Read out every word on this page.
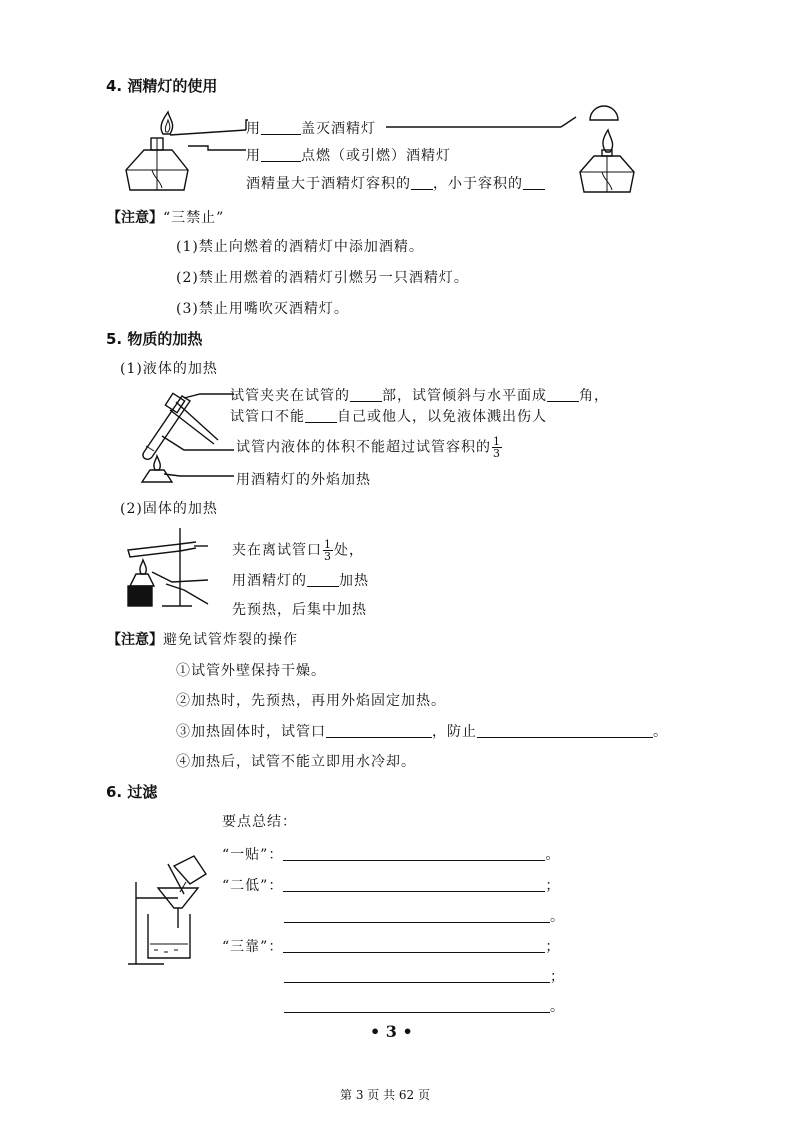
4. 酒精灯的使用
用	盖灭酒精灯
用	点燃（或引燃）酒精灯
酒精量大于酒精灯容积的 ，小于容积的
【注意】“三禁止”
(1)禁止向燃着的酒精灯中添加酒精。
(2)禁止用燃着的酒精灯引燃另一只酒精灯。
(3)禁止用嘴吹灭酒精灯。
5. 物质的加热
(1)液体的加热
试管夹夹在试管的 部，试管倾斜与水平面成 角，
试管口不能 自己或他人，以免液体溅出伤人
试管内液体的体积不能超过试管容积的 $\frac{1}{3}$
用酒精灯的外焰加热
(2)固体的加热
夹在离试管口 $\frac{1}{3}$ 处，
用酒精灯的 加热
先预热，后集中加热
【注意】避免试管炸裂的操作
①试管外壁保持干燥。
②加热时，先预热，再用外焰固定加热。
③加热固体时，试管口	，防止	。
④加热后，试管不能立即用水冷却。
6. 过滤
要点总结：
“一贴”：	。
“二低”：	；
。
“三靠”：	；
；
。
• 3 •
第 3 页 共 62 页
